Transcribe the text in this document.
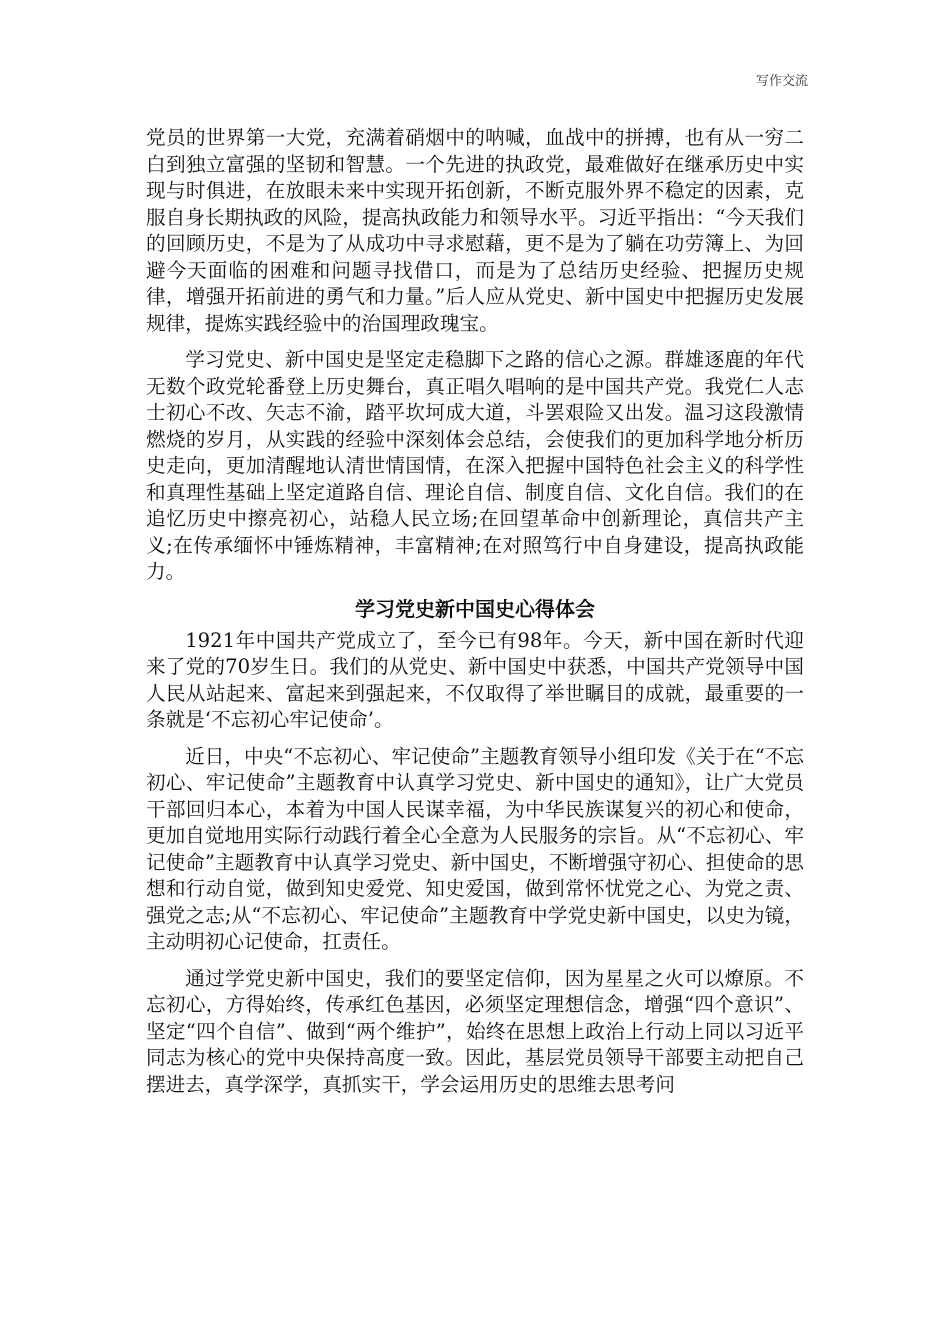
写作交流

党员的世界第一大党，充满着硝烟中的呐喊，血战中的拼搏，也有从一穷二白到独立富强的坚韧和智慧。一个先进的执政党，最难做好在继承历史中实现与时俱进，在放眼未来中实现开拓创新，不断克服外界不稳定的因素，克服自身长期执政的风险，提高执政能力和领导水平。习近平指出：“今天我们的回顾历史，不是为了从成功中寻求慰藉，更不是为了躺在功劳簿上、为回避今天面临的困难和问题寻找借口，而是为了总结历史经验、把握历史规律，增强开拓前进的勇气和力量。”后人应从党史、新中国史中把握历史发展规律，提炼实践经验中的治国理政瑰宝。

学习党史、新中国史是坚定走稳脚下之路的信心之源。群雄逐鹿的年代无数个政党轮番登上历史舞台，真正唱久唱响的是中国共产党。我党仁人志士初心不改、矢志不渝，踏平坎坷成大道，斗罢艰险又出发。温习这段激情燃烧的岁月，从实践的经验中深刻体会总结，会使我们的更加科学地分析历史走向，更加清醒地认清世情国情，在深入把握中国特色社会主义的科学性和真理性基础上坚定道路自信、理论自信、制度自信、文化自信。我们的在追忆历史中擦亮初心，站稳人民立场;在回望革命中创新理论，真信共产主义;在传承缅怀中锤炼精神，丰富精神;在对照笃行中自身建设，提高执政能力。

学习党史新中国史心得体会

1921年中国共产党成立了，至今已有98年。今天，新中国在新时代迎来了党的70岁生日。我们的从党史、新中国史中获悉，中国共产党领导中国人民从站起来、富起来到强起来，不仅取得了举世瞩目的成就，最重要的一条就是‘不忘初心牢记使命’。

近日，中央“不忘初心、牢记使命”主题教育领导小组印发《关于在“不忘初心、牢记使命”主题教育中认真学习党史、新中国史的通知》，让广大党员干部回归本心，本着为中国人民谋幸福，为中华民族谋复兴的初心和使命，更加自觉地用实际行动践行着全心全意为人民服务的宗旨。从“不忘初心、牢记使命”主题教育中认真学习党史、新中国史，不断增强守初心、担使命的思想和行动自觉，做到知史爱党、知史爱国，做到常怀忧党之心、为党之责、强党之志;从“不忘初心、牢记使命”主题教育中学党史新中国史，以史为镜，主动明初心记使命，扛责任。

通过学党史新中国史，我们的要坚定信仰，因为星星之火可以燎原。不忘初心，方得始终，传承红色基因，必须坚定理想信念，增强“四个意识”、坚定“四个自信”、做到“两个维护”，始终在思想上政治上行动上同以习近平同志为核心的党中央保持高度一致。因此，基层党员领导干部要主动把自己摆进去，真学深学，真抓实干，学会运用历史的思维去思考问
